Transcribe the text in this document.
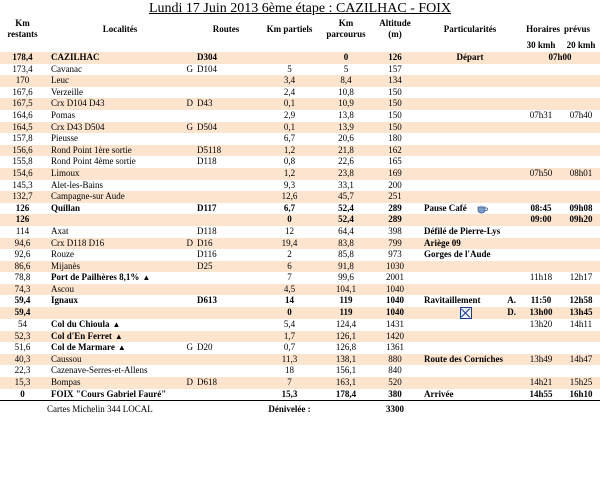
Lundi 17 Juin 2013 6ème étape : CAZILHAC - FOIX
Km restants	Localités	Routes	Km partiels	Km parcourus	Altitude (m)	Particularités	Horaires	prévus
							30 kmh	20 kmh
178,4	CAZILHAC	D304		0	126	Départ	07h00	
173,4	Cavanac G	D104	5	5	157			
170	Leuc		3,4	8,4	134			
167,6	Verzeille		2,4	10,8	150			
167,5	Crx D104 D43 D	D43	0,1	10,9	150			
164,6	Pomas		2,9	13,8	150		07h31	07h40
164,5	Crx D43 D504 G	D504	0,1	13,9	150			
157,8	Pieusse		6,7	20,6	180			
156,6	Rond Point 1ère sortie	D5118	1,2	21,8	162			
155,8	Rond Point 4ème sortie	D118	0,8	22,6	165			
154,6	Limoux		1,2	23,8	169		07h50	08h01
145,3	Alet-les-Bains		9,3	33,1	200			
132,7	Campagne-sur Aude		12,6	45,7	251			
126	Quillan	D117	6,7	52,4	289	Pause Café	08:45	09h08
126			0	52,4	289		09:00	09h20
114	Axat	D118	12	64,4	398	Défilé de Pierre-Lys		
94,6	Crx D118 D16 D	D16	19,4	83,8	799	Ariège 09		
92,6	Rouze	D116	2	85,8	973	Gorges de l'Aude		
86,6	Mijanès	D25	6	91,8	1030			
78,8	Port de Pailhères 8,1% ▲		7	99,6	2001		11h18	12h17
74,3	Ascou		4,5	104,1	1040			
59,4	Ignaux	D613	14	119	1040	Ravitaillement A.	11:50	12h58
59,4			0	119	1040	D.	13h00	13h45
54	Col du Chioula ▲		5,4	124,4	1431		13h20	14h11
52,3	Col d'En Ferret ▲		1,7	126,1	1420			
51,6	Col de Marmare ▲ G	D20	0,7	126,8	1361			
40,3	Caussou		11,3	138,1	880	Route des Corniches	13h49	14h47
22,3	Cazenave-Serres-et-Allens		18	156,1	840			
15,3	Bompas D	D618	7	163,1	520		14h21	15h25
0	FOIX "Cours Gabriel Fauré"		15,3	178,4	380	Arrivée	14h55	16h10
	Cartes Michelin 344 LOCAL		Dénivelée :		3300			
